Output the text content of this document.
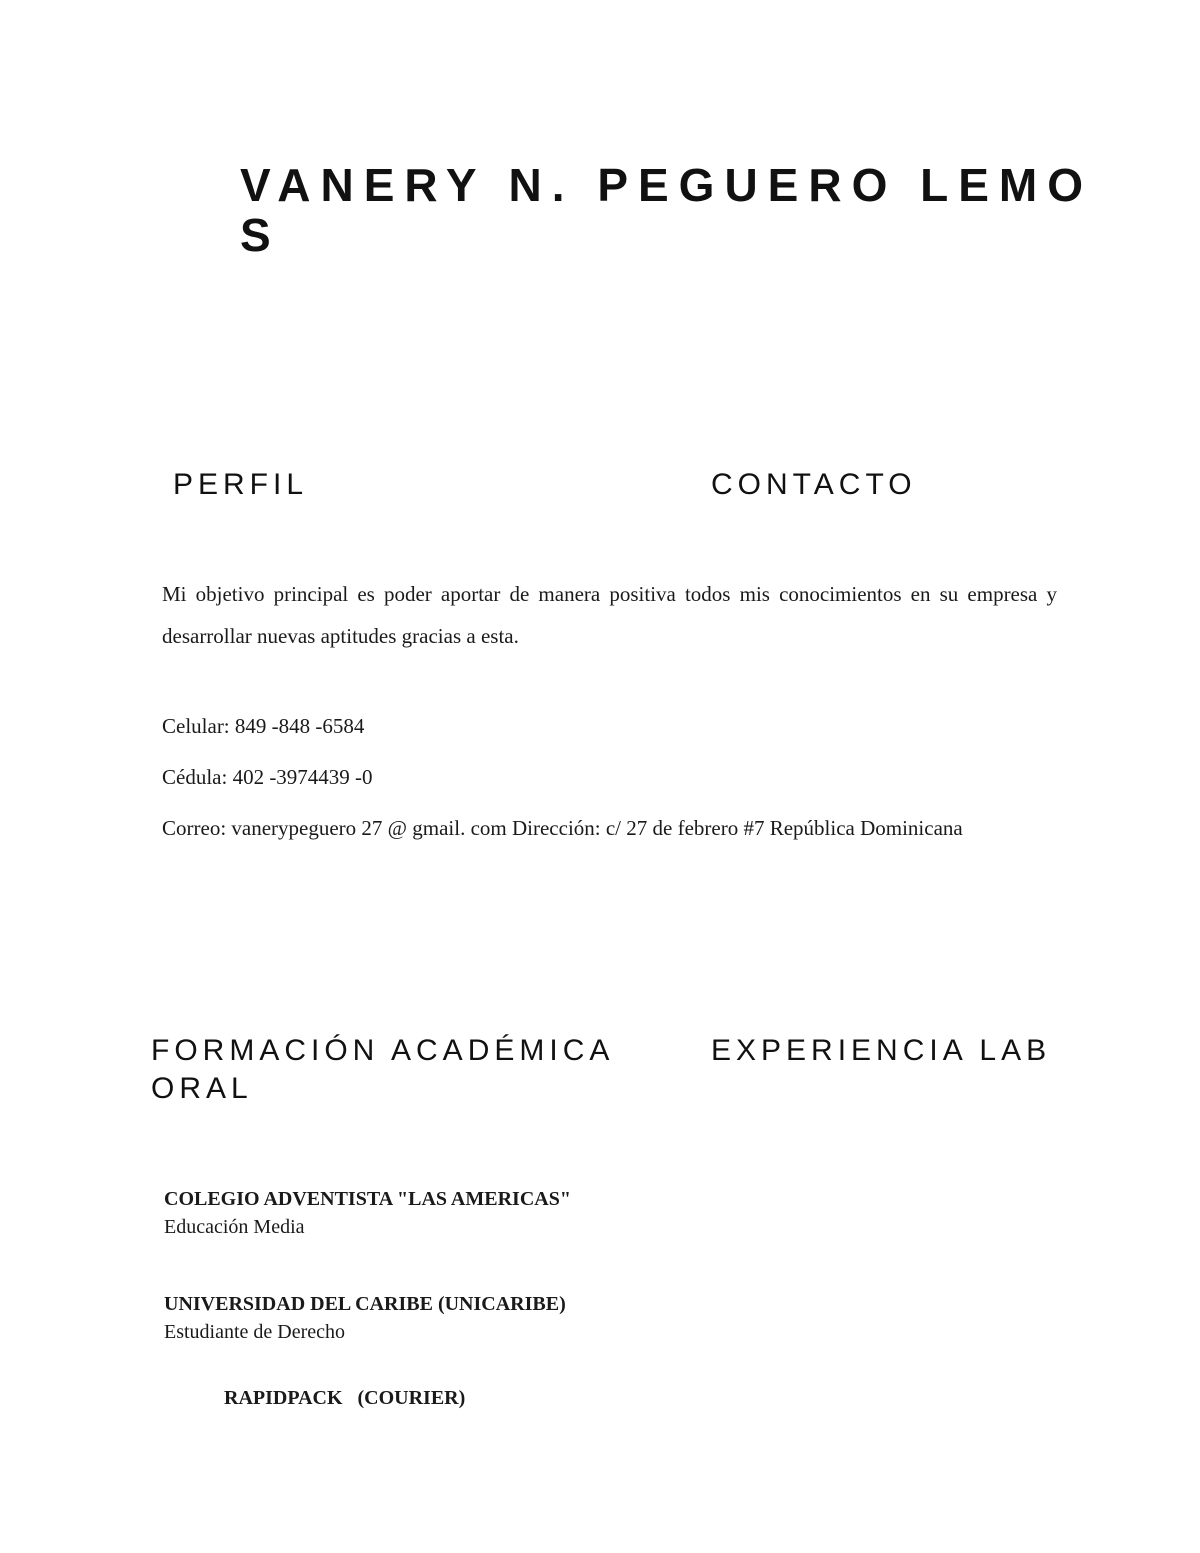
VANERY N. PEGUERO LEMO
S
PERFIL	CONTACTO
Mi objetivo principal es poder aportar de manera positiva todos mis conocimientos en su empresa y desarrollar nuevas aptitudes gracias a esta.
Celular: 849 -848 -6584
Cédula: 402 -3974439 -0
Correo: vanerypeguero 27 @ gmail. com Dirección: c/ 27 de febrero #7 República Dominicana
FORMACIÓN ACADÉMICA	EXPERIENCIA LAB
ORAL
COLEGIO ADVENTISTA "LAS AMERICAS"
Educación Media
UNIVERSIDAD DEL CARIBE (UNICARIBE)
Estudiante de Derecho
RAPIDPACK   (COURIER)
